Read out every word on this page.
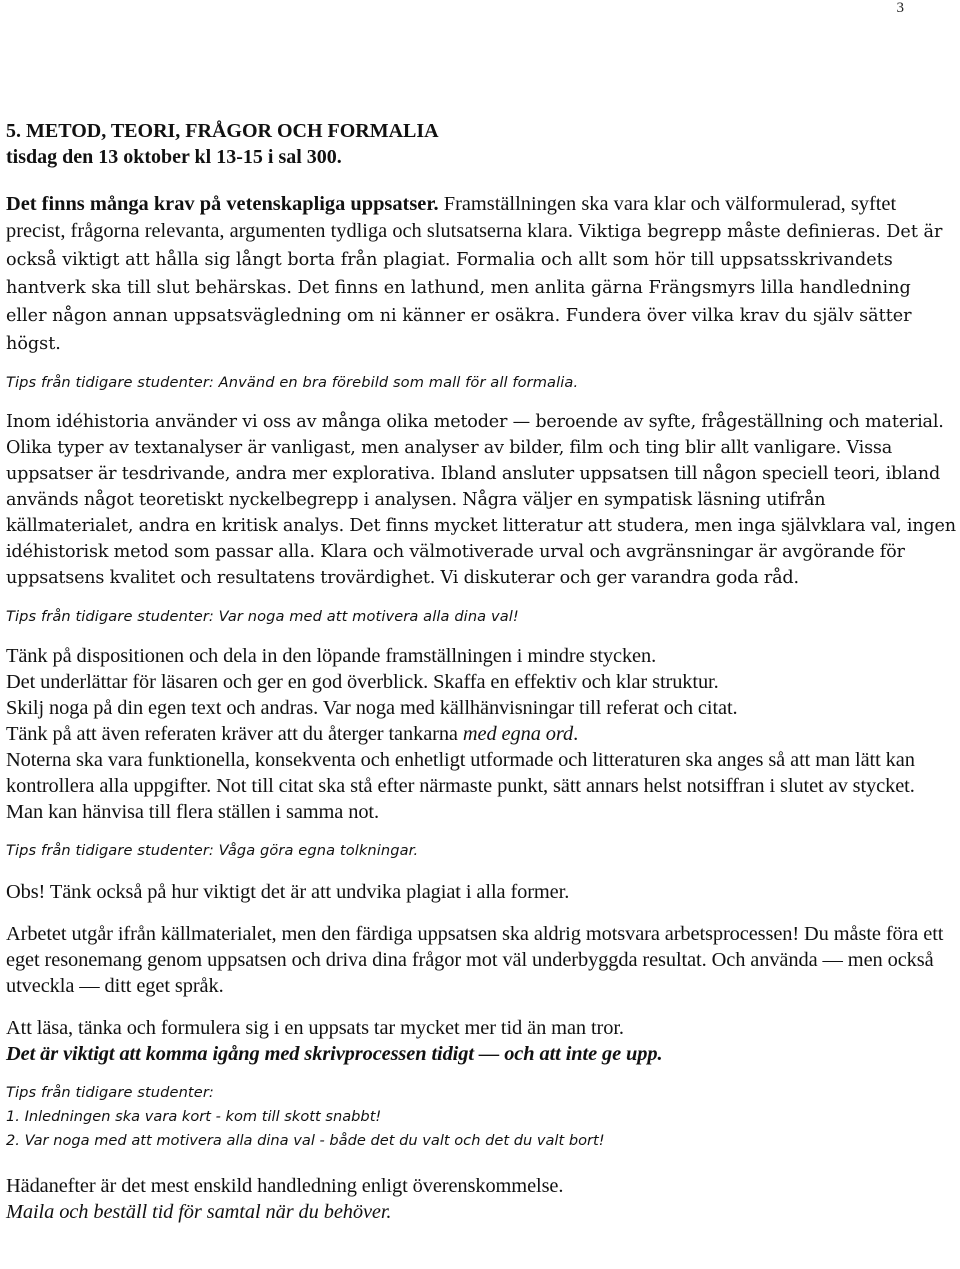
3
5. METOD, TEORI, FRÅGOR OCH FORMALIA
tisdag den 13 oktober kl 13-15 i sal 300.

Det finns många krav på vetenskapliga uppsatser. Framställningen ska vara klar och välformulerad, syftet precist, frågorna relevanta, argumenten tydliga och slutsatserna klara. Viktiga begrepp måste definieras. Det är också viktigt att hålla sig långt borta från plagiat. Formalia och allt som hör till uppsatsskrivandets hantverk ska till slut behärskas. Det finns en lathund, men anlita gärna Frängsmyrs lilla handledning eller någon annan uppsatsvägledning om ni känner er osäkra. Fundera över vilka krav du själv sätter högst.

Tips från tidigare studenter: Använd en bra förebild som mall för all formalia.

Inom idéhistoria använder vi oss av många olika metoder — beroende av syfte, frågeställning och material. Olika typer av textanalyser är vanligast, men analyser av bilder, film och ting blir allt vanligare. Vissa uppsatser är tesdrivande, andra mer explorativa. Ibland ansluter uppsatsen till någon speciell teori, ibland används något teoretiskt nyckelbegrepp i analysen. Några väljer en sympatisk läsning utifrån källmaterialet, andra en kritisk analys. Det finns mycket litteratur att studera, men inga självklara val, ingen idéhistorisk metod som passar alla. Klara och välmotiverade urval och avgränsningar är avgörande för uppsatsens kvalitet och resultatens trovärdighet. Vi diskuterar och ger varandra goda råd.

Tips från tidigare studenter: Var noga med att motivera alla dina val!

Tänk på dispositionen och dela in den löpande framställningen i mindre stycken.
Det underlättar för läsaren och ger en god överblick. Skaffa en effektiv och klar struktur.
Skilj noga på din egen text och andras. Var noga med källhänvisningar till referat och citat.
Tänk på att även referaten kräver att du återger tankarna med egna ord.
Noterna ska vara funktionella, konsekventa och enhetligt utformade och litteraturen ska anges så att man lätt kan kontrollera alla uppgifter. Not till citat ska stå efter närmaste punkt, sätt annars helst notsiffran i slutet av stycket. Man kan hänvisa till flera ställen i samma not.

Tips från tidigare studenter: Våga göra egna tolkningar.

Obs! Tänk också på hur viktigt det är att undvika plagiat i alla former.

Arbetet utgår ifrån källmaterialet, men den färdiga uppsatsen ska aldrig motsvara arbetsprocessen! Du måste föra ett eget resonemang genom uppsatsen och driva dina frågor mot väl underbyggda resultat. Och använda — men också utveckla — ditt eget språk.

Att läsa, tänka och formulera sig i en uppsats tar mycket mer tid än man tror.

Det är viktigt att komma igång med skrivprocessen tidigt — och att inte ge upp.

Tips från tidigare studenter:
1. Inledningen ska vara kort - kom till skott snabbt!
2. Var noga med att motivera alla dina val - både det du valt och det du valt bort!
Hädanefter är det mest enskild handledning enligt överenskommelse.
Maila och beställ tid för samtal när du behöver.
